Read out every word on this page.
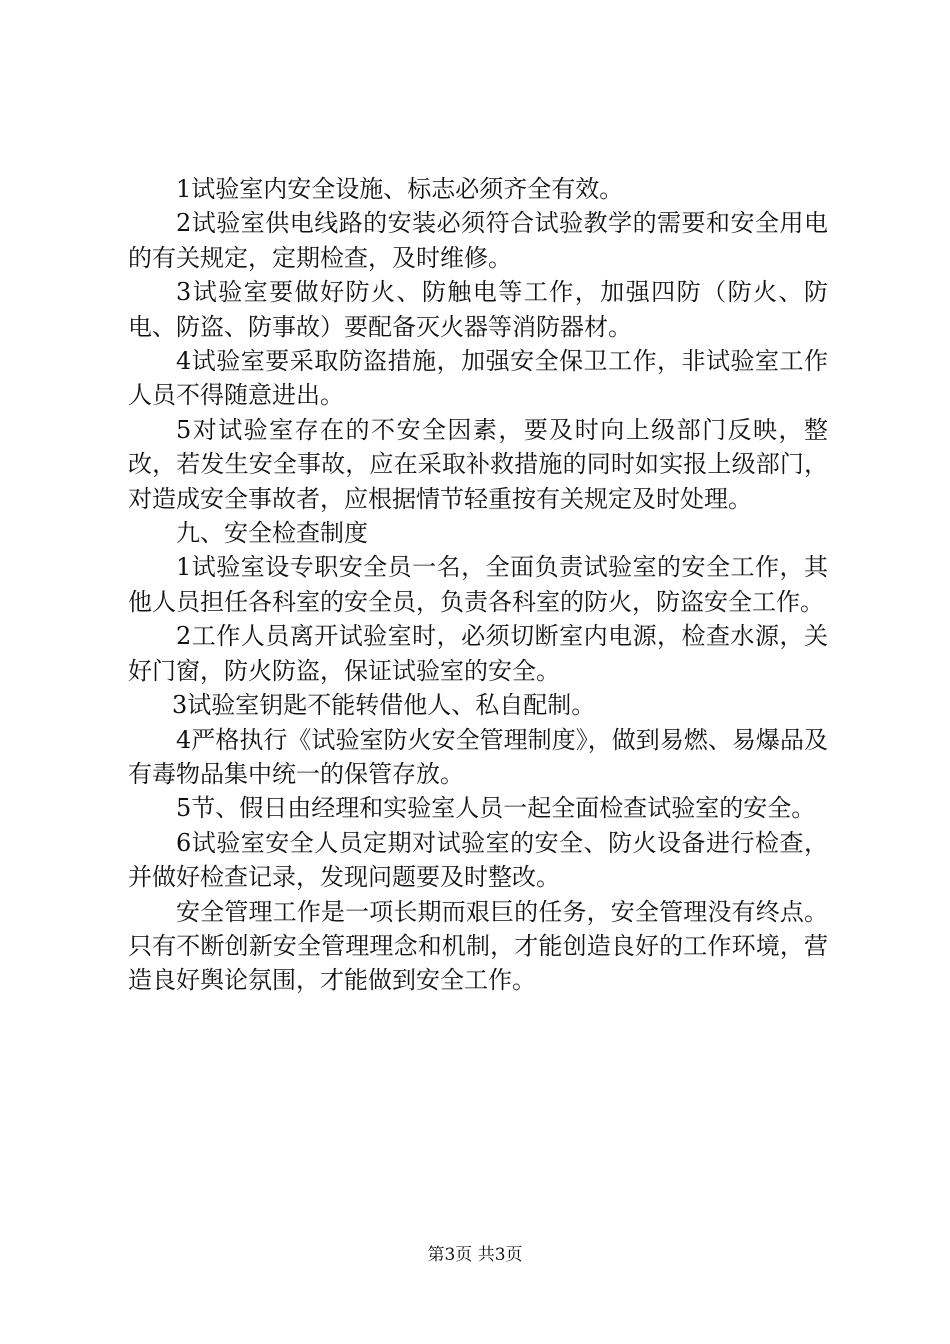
1试验室内安全设施、标志必须齐全有效。

2试验室供电线路的安装必须符合试验教学的需要和安全用电的有关规定，定期检查，及时维修。

3试验室要做好防火、防触电等工作，加强四防（防火、防电、防盗、防事故）要配备灭火器等消防器材。

4试验室要采取防盗措施，加强安全保卫工作，非试验室工作人员不得随意进出。

5对试验室存在的不安全因素，要及时向上级部门反映，整改，若发生安全事故，应在采取补救措施的同时如实报上级部门，对造成安全事故者，应根据情节轻重按有关规定及时处理。

九、安全检查制度

1试验室设专职安全员一名，全面负责试验室的安全工作，其他人员担任各科室的安全员，负责各科室的防火，防盗安全工作。

2工作人员离开试验室时，必须切断室内电源，检查水源，关好门窗，防火防盗，保证试验室的安全。

3试验室钥匙不能转借他人、私自配制。

4严格执行《试验室防火安全管理制度》，做到易燃、易爆品及有毒物品集中统一的保管存放。

5节、假日由经理和实验室人员一起全面检查试验室的安全。

6试验室安全人员定期对试验室的安全、防火设备进行检查，并做好检查记录，发现问题要及时整改。

安全管理工作是一项长期而艰巨的任务，安全管理没有终点。只有不断创新安全管理理念和机制，才能创造良好的工作环境，营造良好舆论氛围，才能做到安全工作。

第3页 共3页
